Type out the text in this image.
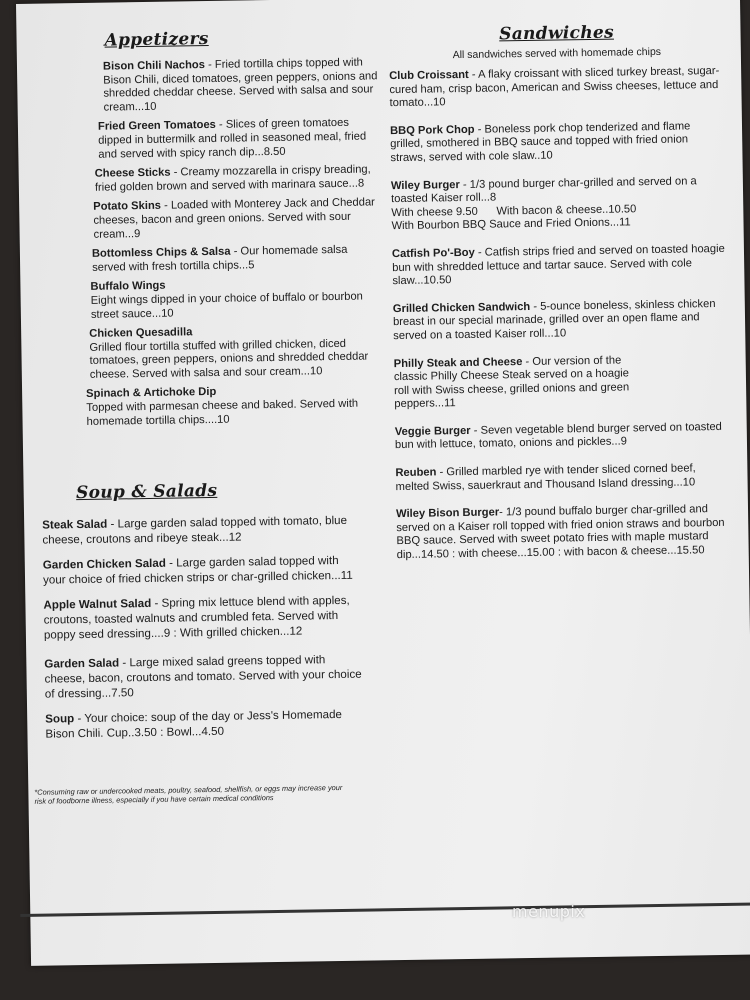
Appetizers
Bison Chili Nachos - Fried tortilla chips topped with Bison Chili, diced tomatoes, green peppers, onions and shredded cheddar cheese. Served with salsa and sour cream...10
Fried Green Tomatoes - Slices of green tomatoes dipped in buttermilk and rolled in seasoned meal, fried and served with spicy ranch dip...8.50
Cheese Sticks - Creamy mozzarella in crispy breading, fried golden brown and served with marinara sauce...8
Potato Skins - Loaded with Monterey Jack and Cheddar cheeses, bacon and green onions. Served with sour cream...9
Bottomless Chips & Salsa - Our homemade salsa served with fresh tortilla chips...5
Buffalo Wings
Eight wings dipped in your choice of buffalo or bourbon street sauce...10
Chicken Quesadilla
Grilled flour tortilla stuffed with grilled chicken, diced tomatoes, green peppers, onions and shredded cheddar cheese. Served with salsa and sour cream...10
Spinach & Artichoke Dip
Topped with parmesan cheese and baked. Served with homemade tortilla chips....10
Soup & Salads
Steak Salad - Large garden salad topped with tomato, blue cheese, croutons and ribeye steak...12
Garden Chicken Salad - Large garden salad topped with your choice of fried chicken strips or char-grilled chicken...11
Apple Walnut Salad - Spring mix lettuce blend with apples, croutons, toasted walnuts and crumbled feta. Served with poppy seed dressing....9 : With grilled chicken...12
Garden Salad - Large mixed salad greens topped with cheese, bacon, croutons and tomato. Served with your choice of dressing...7.50
Soup - Your choice: soup of the day or Jess's Homemade Bison Chili. Cup..3.50 : Bowl...4.50
*Consuming raw or undercooked meats, poultry, seafood, shellfish, or eggs may increase your risk of foodborne illness, especially if you have certain medical conditions
Sandwiches
All sandwiches served with homemade chips
Club Croissant - A flaky croissant with sliced turkey breast, sugar-cured ham, crisp bacon, American and Swiss cheeses, lettuce and tomato...10
BBQ Pork Chop - Boneless pork chop tenderized and flame grilled, smothered in BBQ sauce and topped with fried onion straws, served with cole slaw..10
Wiley Burger - 1/3 pound burger char-grilled and served on a toasted Kaiser roll...8
With cheese 9.50      With bacon & cheese..10.50
With Bourbon BBQ Sauce and Fried Onions...11
Catfish Po'-Boy - Catfish strips fried and served on toasted hoagie bun with shredded lettuce and tartar sauce. Served with cole slaw...10.50
Grilled Chicken Sandwich - 5-ounce boneless, skinless chicken breast in our special marinade, grilled over an open flame and served on a toasted Kaiser roll...10
Philly Steak and Cheese - Our version of the classic Philly Cheese Steak served on a hoagie roll with Swiss cheese, grilled onions and green peppers...11
Veggie Burger - Seven vegetable blend burger served on toasted bun with lettuce, tomato, onions and pickles...9
Reuben - Grilled marbled rye with tender sliced corned beef, melted Swiss, sauerkraut and Thousand Island dressing...10
Wiley Bison Burger- 1/3 pound buffalo burger char-grilled and served on a Kaiser roll topped with fried onion straws and bourbon BBQ sauce. Served with sweet potato fries with maple mustard dip...14.50 : with cheese...15.00 : with bacon & cheese...15.50
menupix
